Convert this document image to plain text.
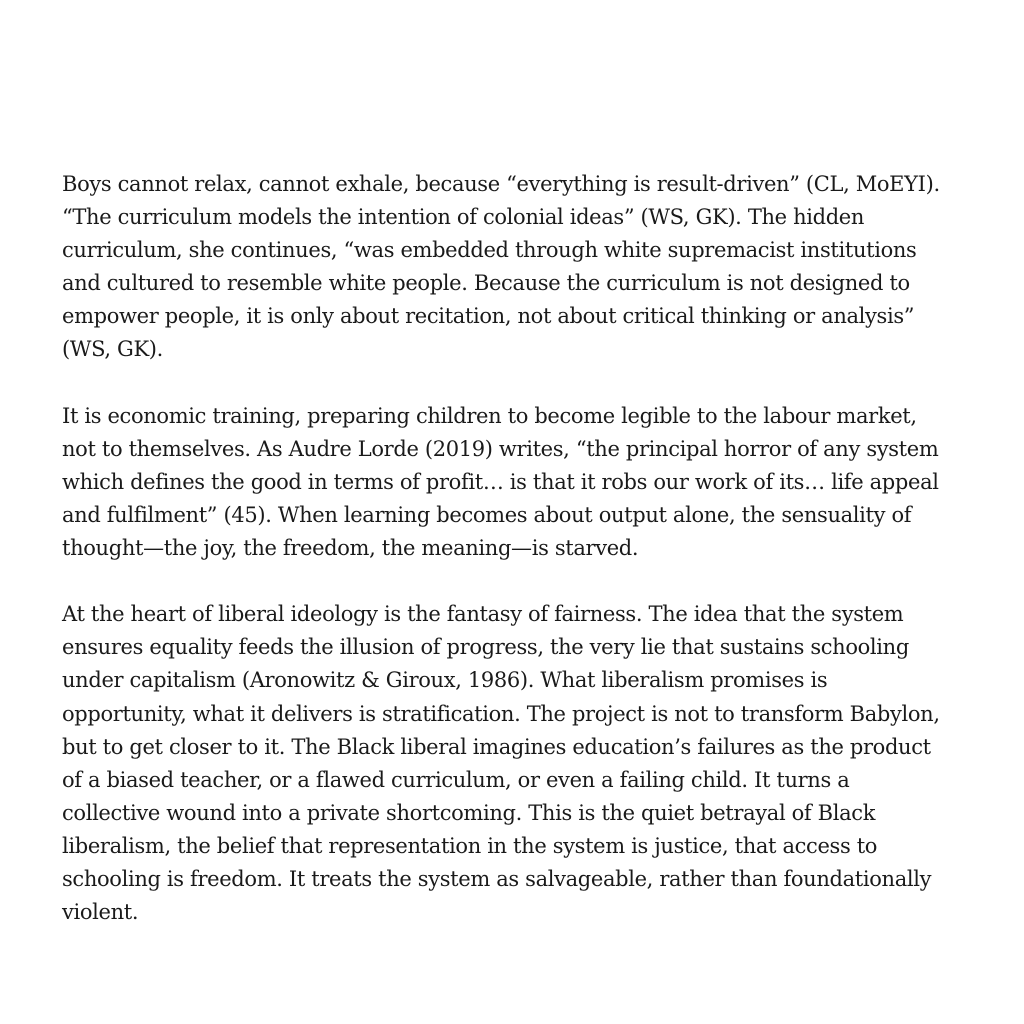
Boys cannot relax, cannot exhale, because “everything is result-driven” (CL, MoEYI).
“The curriculum models the intention of colonial ideas” (WS, GK). The hidden
curriculum, she continues, “was embedded through white supremacist institutions
and cultured to resemble white people. Because the curriculum is not designed to
empower people, it is only about recitation, not about critical thinking or analysis”
(WS, GK).

It is economic training, preparing children to become legible to the labour market,
not to themselves. As Audre Lorde (2019) writes, “the principal horror of any system
which defines the good in terms of profit… is that it robs our work of its… life appeal
and fulfilment” (45). When learning becomes about output alone, the sensuality of
thought—the joy, the freedom, the meaning—is starved.

At the heart of liberal ideology is the fantasy of fairness. The idea that the system
ensures equality feeds the illusion of progress, the very lie that sustains schooling
under capitalism (Aronowitz & Giroux, 1986). What liberalism promises is
opportunity, what it delivers is stratification. The project is not to transform Babylon,
but to get closer to it. The Black liberal imagines education’s failures as the product
of a biased teacher, or a flawed curriculum, or even a failing child. It turns a
collective wound into a private shortcoming. This is the quiet betrayal of Black
liberalism, the belief that representation in the system is justice, that access to
schooling is freedom. It treats the system as salvageable, rather than foundationally
violent.
